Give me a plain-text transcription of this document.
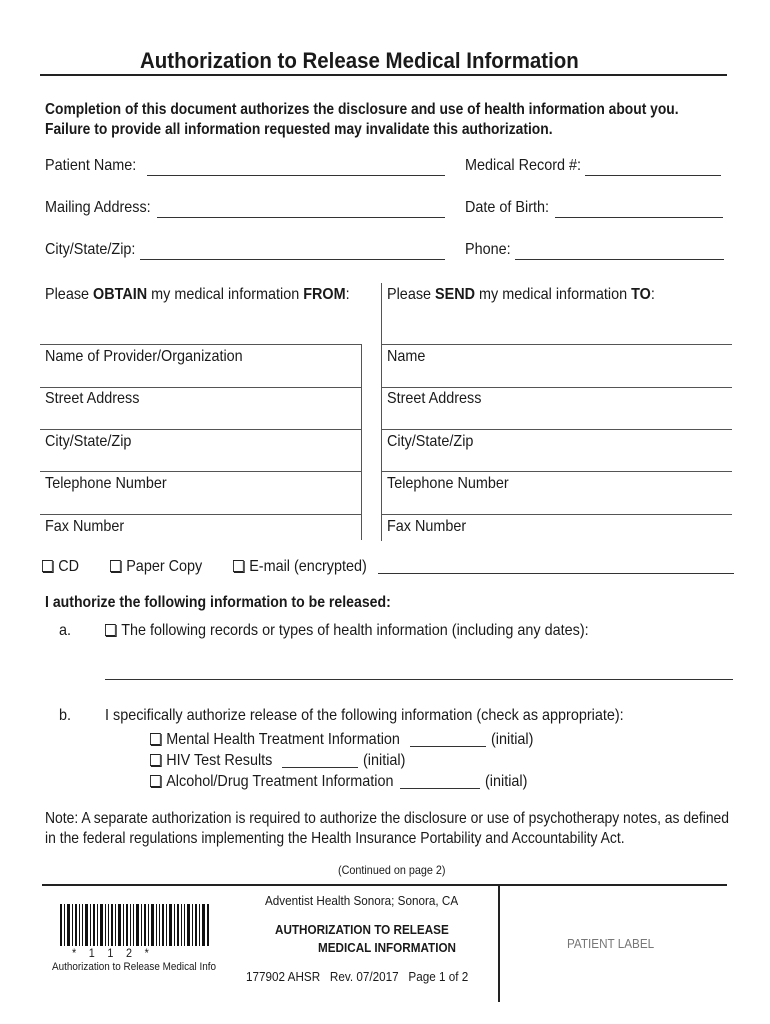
Authorization to Release Medical Information
Completion of this document authorizes the disclosure and use of health information about you.
Failure to provide all information requested may invalidate this authorization.
Patient Name:	Medical Record #:
Mailing Address:	Date of Birth:
City/State/Zip:	Phone:
Please OBTAIN my medical information FROM: Please SEND my medical information TO:
Name of Provider/Organization
Street Address
City/State/Zip
Telephone Number
Fax Number
Name
Street Address
City/State/Zip
Telephone Number
Fax Number
CD	Paper Copy	E-mail (encrypted)
I authorize the following information to be released:
a.	The following records or types of health information (including any dates):
b. I specifically authorize release of the following information (check as appropriate):
Mental Health Treatment Information	(initial)
HIV Test Results	(initial)
Alcohol/Drug Treatment Information	(initial)
Note: A separate authorization is required to authorize the disclosure or use of psychotherapy notes, as defined
in the federal regulations implementing the Health Insurance Portability and Accountability Act.
(Continued on page 2)
*   1   1   2   *
Authorization to Release Medical Info
Adventist Health Sonora; Sonora, CA
AUTHORIZATION TO RELEASE
MEDICAL INFORMATION
177902 AHSR Rev. 07/2017 Page 1 of 2
PATIENT LABEL
